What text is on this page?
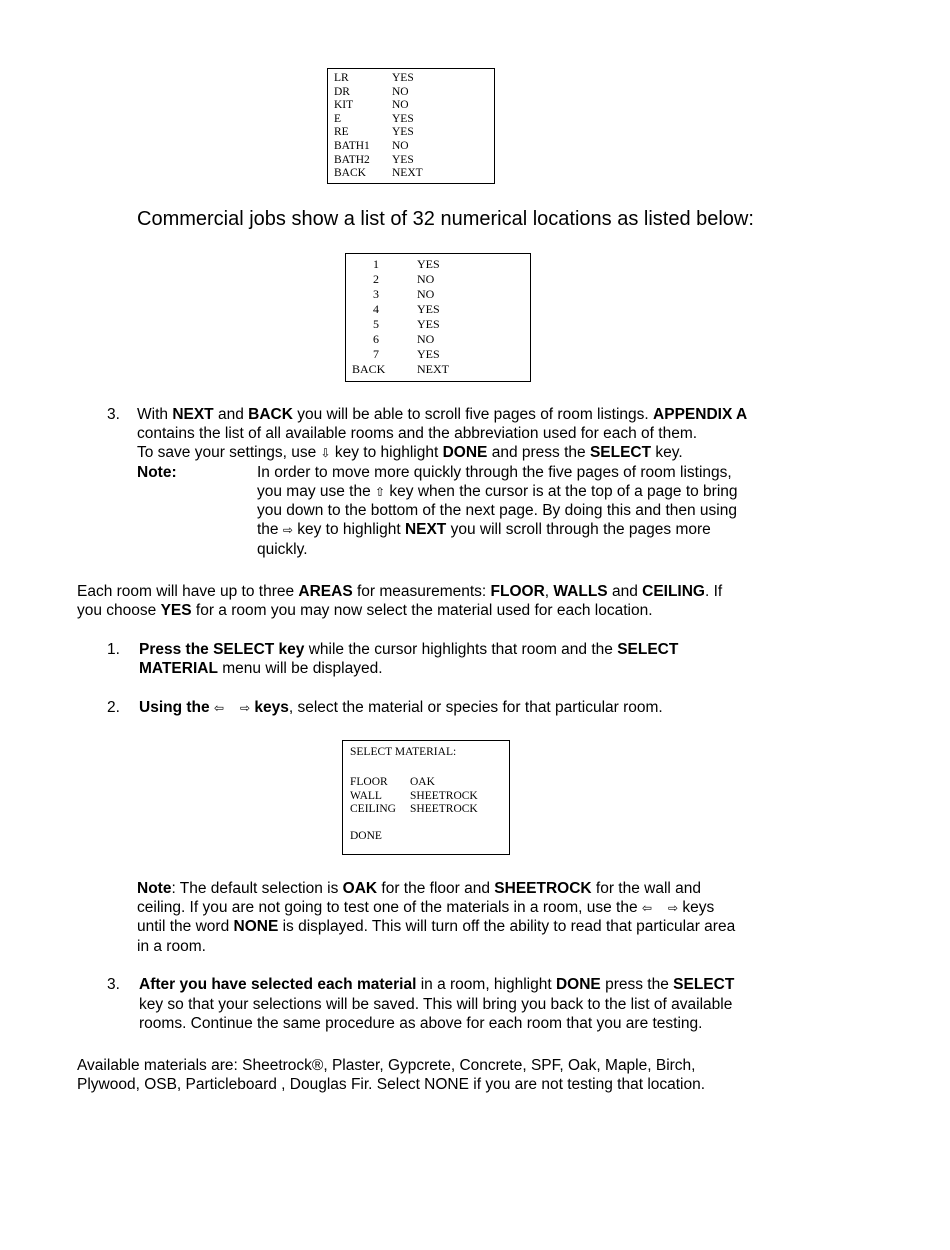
LR	YES
DR	NO
KIT	NO
E	YES
RE	YES
BATH1 NO
BATH2 YES
BACK NEXT
Commercial jobs show a list of 32 numerical locations as listed below:
1	YES
2	NO
3	NO
4	YES
5	YES
6	NO
7	YES
BACK	NEXT
3. With NEXT and BACK you will be able to scroll five pages of room listings. APPENDIX A
contains the list of all available rooms and the abbreviation used for each of them.
To save your settings, use ⇩ key to highlight DONE and press the SELECT key.
Note:	In order to move more quickly through the five pages of room listings,
you may use the ⇧ key when the cursor is at the top of a page to bring
you down to the bottom of the next page. By doing this and then using
the ⇨ key to highlight NEXT you will scroll through the pages more
quickly.
Each room will have up to three AREAS for measurements: FLOOR, WALLS and CEILING. If
you choose YES for a room you may now select the material used for each location.
1. Press the SELECT key while the cursor highlights that room and the SELECT
MATERIAL menu will be displayed.
2. Using the ⇦ ⇨ keys, select the material or species for that particular room.
SELECT MATERIAL:
FLOOR OAK
WALL SHEETROCK
CEILING SHEETROCK
DONE
Note: The default selection is OAK for the floor and SHEETROCK for the wall and
ceiling. If you are not going to test one of the materials in a room, use the ⇦ ⇨ keys
until the word NONE is displayed. This will turn off the ability to read that particular area
in a room.
3. After you have selected each material in a room, highlight DONE press the SELECT
key so that your selections will be saved. This will bring you back to the list of available
rooms. Continue the same procedure as above for each room that you are testing.
Available materials are: Sheetrock®, Plaster, Gypcrete, Concrete, SPF, Oak, Maple, Birch,
Plywood, OSB, Particleboard , Douglas Fir. Select NONE if you are not testing that location.
